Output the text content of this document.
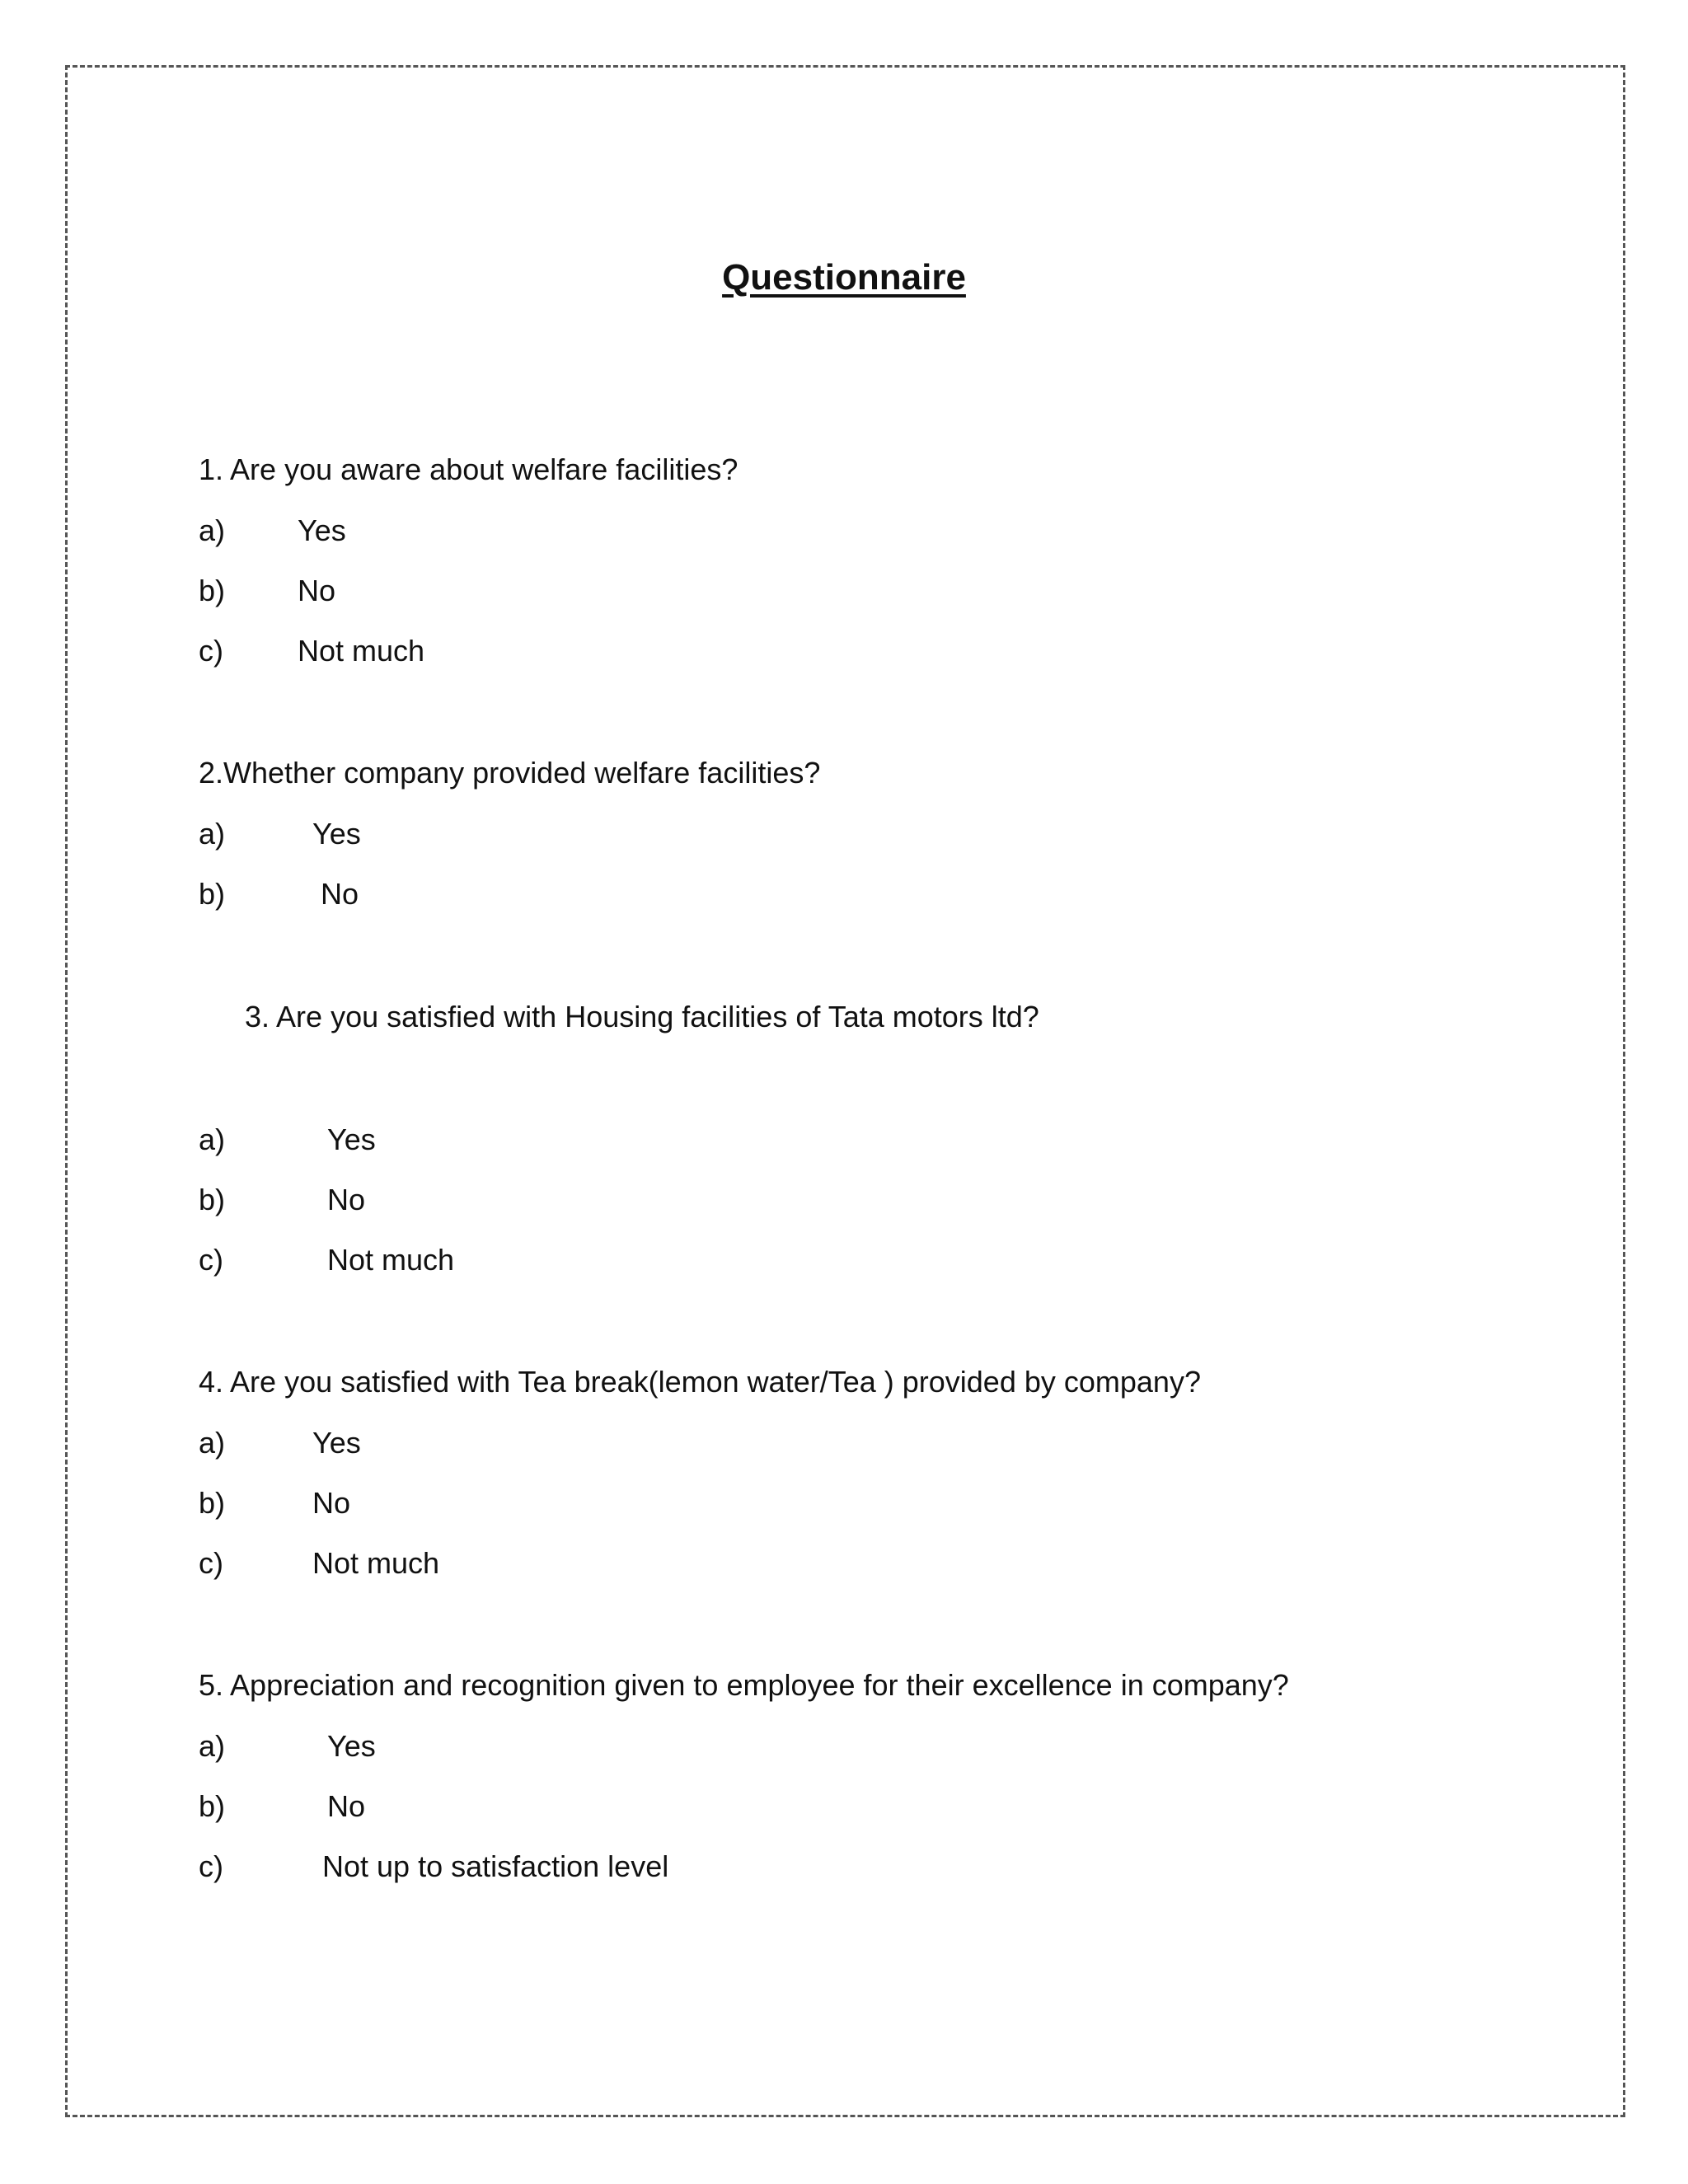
Questionnaire
1. Are you aware about welfare facilities?
a) Yes
b) No
c)	Not much
2.Whether company provided welfare facilities?
a)	Yes
b)	No
3. Are you satisfied with Housing facilities of Tata motors ltd?
a)	Yes
b)	No
c)	Not much
4. Are you satisfied with Tea break(lemon water/Tea ) provided by company?
a)	Yes
b)	No
c)	Not much
5. Appreciation and recognition given to employee for their excellence in company?
a)	Yes
b)	No
c)	Not up to satisfaction level
